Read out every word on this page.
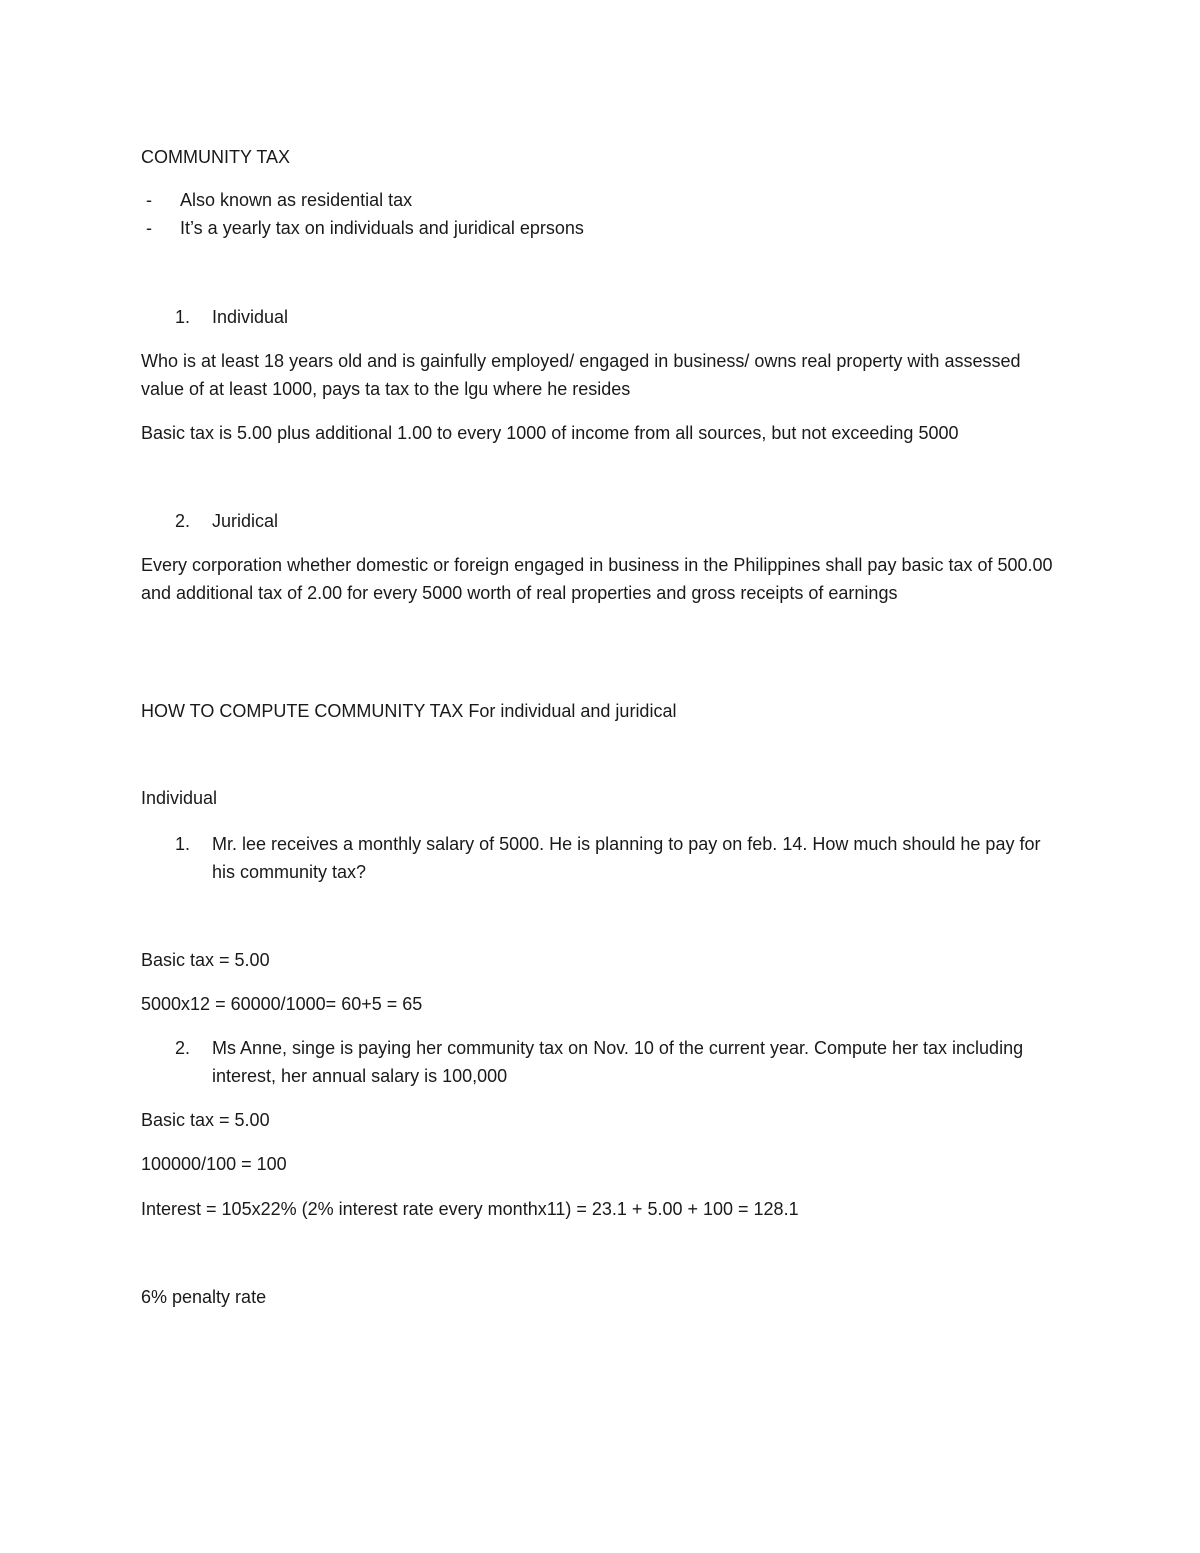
COMMUNITY TAX
- Also known as residential tax
- It’s a yearly tax on individuals and juridical eprsons
1. Individual
Who is at least 18 years old and is gainfully employed/ engaged in business/ owns real property with assessed value of at least 1000, pays ta tax to the lgu where he resides
Basic tax is 5.00 plus additional 1.00 to every 1000 of income from all sources, but not exceeding 5000
2. Juridical
Every corporation whether domestic or foreign engaged in business in the Philippines shall pay basic tax of 500.00 and additional tax of 2.00 for every 5000 worth of real properties and gross receipts of earnings
HOW TO COMPUTE COMMUNITY TAX For individual and juridical
Individual
1. Mr. lee receives a monthly salary of 5000. He is planning to pay on feb. 14. How much should he pay for his community tax?
Basic tax = 5.00
5000x12 = 60000/1000= 60+5 = 65
2. Ms Anne, singe is paying her community tax on Nov. 10 of the current year. Compute her tax including interest, her annual salary is 100,000
Basic tax = 5.00
100000/100 = 100
Interest = 105x22% (2% interest rate every monthx11) = 23.1 + 5.00 + 100 = 128.1
6% penalty rate
